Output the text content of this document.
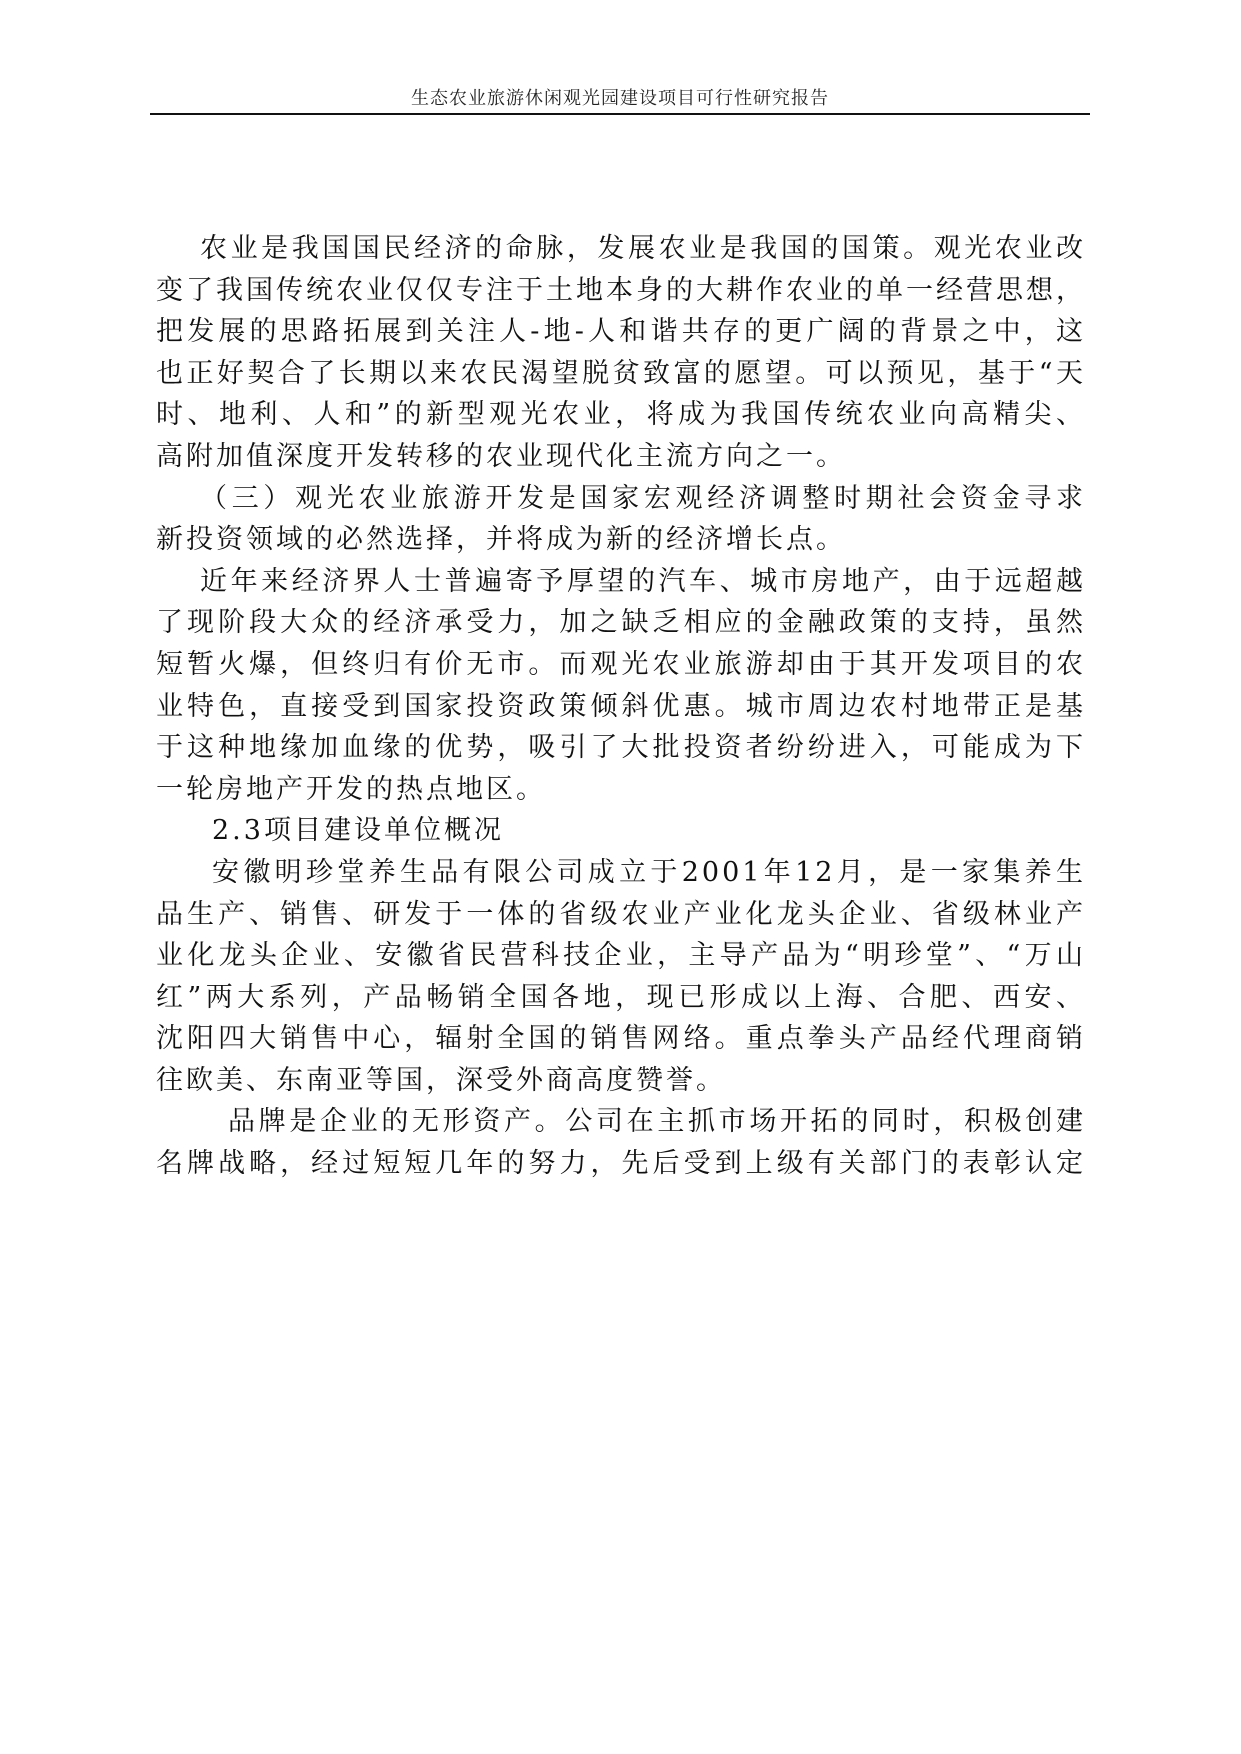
生态农业旅游休闲观光园建设项目可行性研究报告
农业是我国国民经济的命脉，发展农业是我国的国策。观光农业改
变了我国传统农业仅仅专注于土地本身的大耕作农业的单一经营思想，
把发展的思路拓展到关注人-地-人和谐共存的更广阔的背景之中，这
也正好契合了长期以来农民渴望脱贫致富的愿望。可以预见，基于“天
时、地利、人和”的新型观光农业，将成为我国传统农业向高精尖、
高附加值深度开发转移的农业现代化主流方向之一。
（三）观光农业旅游开发是国家宏观经济调整时期社会资金寻求
新投资领域的必然选择，并将成为新的经济增长点。
近年来经济界人士普遍寄予厚望的汽车、城市房地产，由于远超越
了现阶段大众的经济承受力，加之缺乏相应的金融政策的支持，虽然
短暂火爆，但终归有价无市。而观光农业旅游却由于其开发项目的农
业特色，直接受到国家投资政策倾斜优惠。城市周边农村地带正是基
于这种地缘加血缘的优势，吸引了大批投资者纷纷进入，可能成为下
一轮房地产开发的热点地区。
2.3项目建设单位概况
安徽明珍堂养生品有限公司成立于2001年12月，是一家集养生
品生产、销售、研发于一体的省级农业产业化龙头企业、省级林业产
业化龙头企业、安徽省民营科技企业，主导产品为“明珍堂”、“万山
红”两大系列，产品畅销全国各地，现已形成以上海、合肥、西安、
沈阳四大销售中心，辐射全国的销售网络。重点拳头产品经代理商销
往欧美、东南亚等国，深受外商高度赞誉。
品牌是企业的无形资产。公司在主抓市场开拓的同时，积极创建
名牌战略，经过短短几年的努力，先后受到上级有关部门的表彰认定
